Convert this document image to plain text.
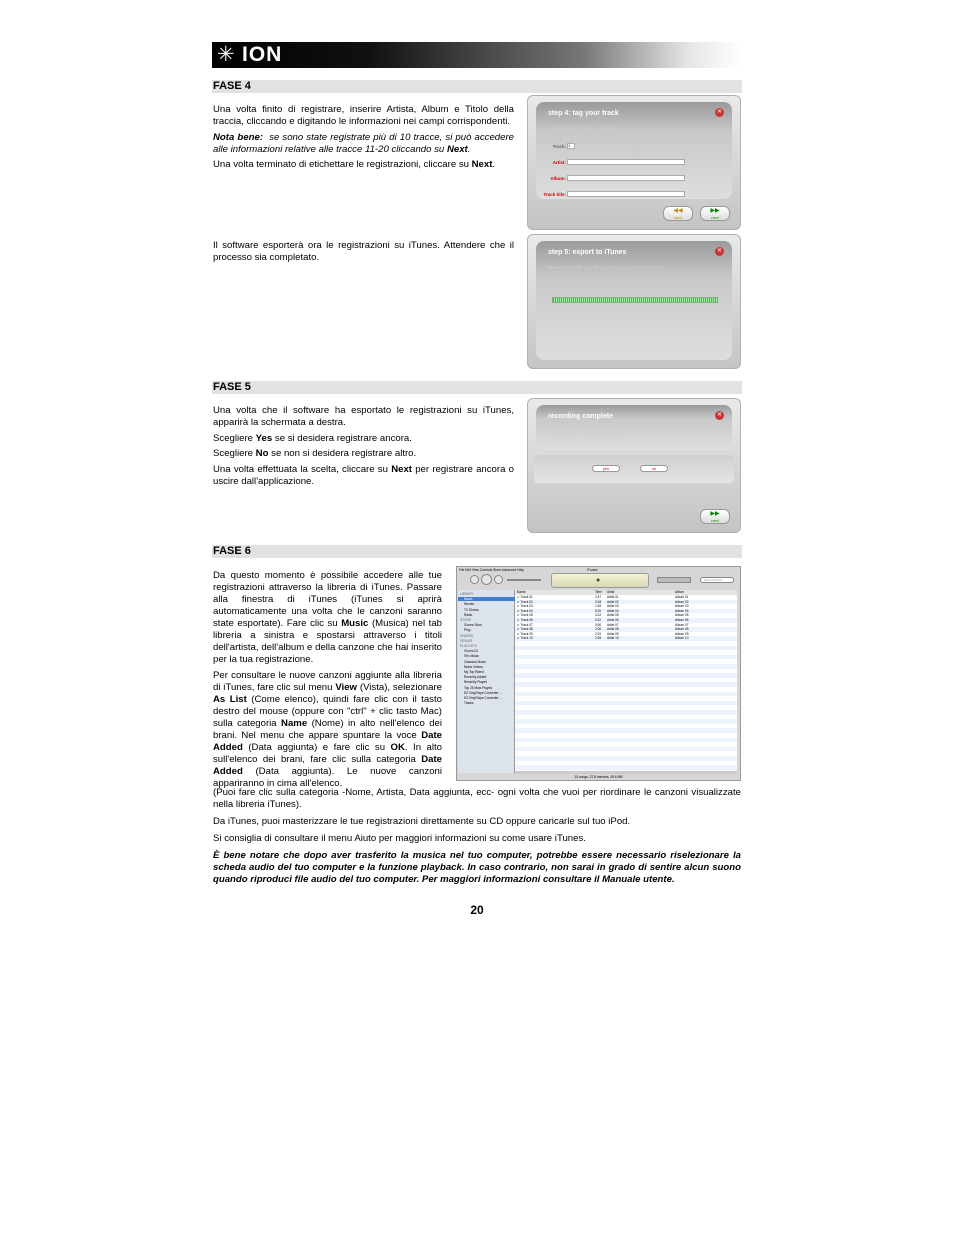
✳ ION
FASE 4

Una volta finito di registrare, inserire Artista, Album e Titolo della traccia, cliccando e digitando le informazioni nei campi corrispondenti.

Nota bene: se sono state registrate più di 10 tracce, si può accedere alle informazioni relative alle tracce 11-20 cliccando su Next.

Una volta terminato di etichettare le registrazioni, cliccare su Next.

Il software esporterà ora le registrazioni su iTunes. Attendere che il processo sia completato.
step 4: tag your track
Insert track info for your recording
✕
Track: 1
Artist:
Album:
Track title:
◀◀
back
▶▶
next
step 5: export to iTunes
Please wait while your files are being exported into iTunes
✕
FASE 5

Una volta che il software ha esportato le registrazioni su iTunes, apparirà la schermata a destra.

Scegliere Yes se si desidera registrare ancora.

Scegliere No se non si desidera registrare altro.

Una volta effettuata la scelta, cliccare su Next per registrare ancora o uscire dall'applicazione.

recording complete
Would you like to record something else?
✕
yes	no
▶▶
next
FASE 6

Da questo momento è possibile accedere alle tue registrazioni attraverso la libreria di iTunes. Passare alla finestra di iTunes (iTunes si aprirà automaticamente una volta che le canzoni saranno state esportate). Fare clic su Music (Musica) nel tab libreria a sinistra e spostarsi attraverso i titoli dell'artista, dell'album e della canzone che hai inserito per la tua registrazione.

Per consultare le nuove canzoni aggiunte alla libreria di iTunes, fare clic sul menu View (Vista), selezionare As List (Come elenco), quindi fare clic con il tasto destro del mouse (oppure con "ctrl" + clic tasto Mac) sulla categoria Name (Nome) in alto nell'elenco dei brani. Nel menu che appare spuntare la voce Date Added (Data aggiunta) e fare clic su OK. In alto sull'elenco dei brani, fare clic sulla categoria Date Added (Data aggiunta). Le nuove canzoni appariranno in cima all'elenco.

(Puoi fare clic sulla categoria -Nome, Artista, Data aggiunta, ecc- ogni volta che vuoi per riordinare le canzoni visualizzate nella libreria iTunes).

Da iTunes, puoi masterizzare le tue registrazioni direttamente su CD oppure caricarle sul tuo iPod.

Si consiglia di consultare il menu Aiuto per maggiori informazioni su come usare iTunes.

È bene notare che dopo aver trasferito la musica nel tuo computer, potrebbe essere necessario riselezionare la scheda audio del tuo computer e la funzione playback. In caso contrario, non sarai in grado di sentire alcun suono quando riproduci file audio del tuo computer. Per maggiori informazioni consultare il Manuale utente.

File Edit View Controls Store Advanced Help	iTunes
●	Search Music
LIBRARY
Music
Movies
TV Shows
Radio
STORE
iTunes Store
Ping
SHARED
GENIUS
PLAYLISTS
iTunes DJ
90's Music
Classical Music
Music Videos
My Top Rated
Recently Added
Recently Played
Top 25 Most Played
EZ Vinyl/Tape Converter ...
EZ Vinyl/Tape Converter ...
Tracks
Name	Time Artist	Album
✔ Track 01	2:47 Artist 01	Album 01
✔ Track 02	3:18 Artist 02	Album 02
✔ Track 03	1:49 Artist 03	Album 03
✔ Track 04	5:20 Artist 04	Album 04
✔ Track 05	3:12 Artist 05	Album 05
✔ Track 06	3:22 Artist 06	Album 06
✔ Track 07	3:00 Artist 07	Album 07
✔ Track 08	2:00 Artist 08	Album 08
✔ Track 09	2:31 Artist 09	Album 09
✔ Track 10	2:25 Artist 10	Album 10
10 songs, 27.8 minutes, 49.6 MB
20
